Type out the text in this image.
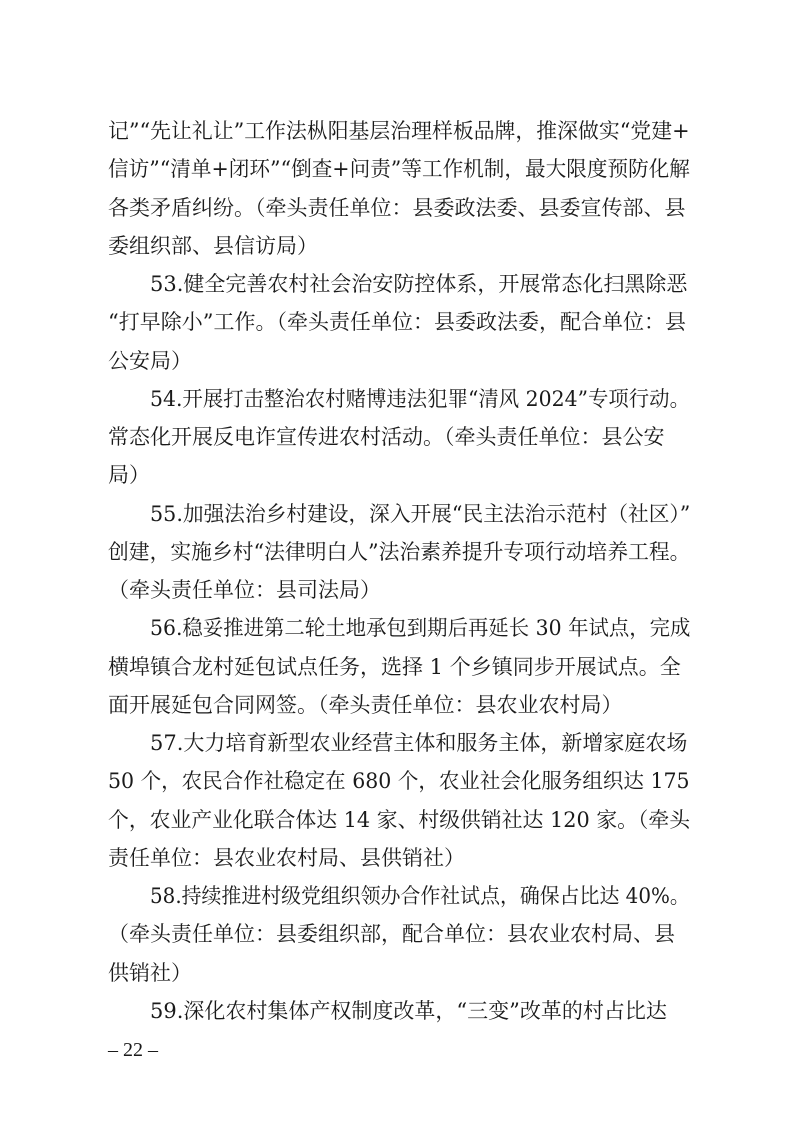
记”“先让礼让”工作法枞阳基层治理样板品牌，推深做实“党建+
信访”“清单+闭环”“倒查+问责”等工作机制，最大限度预防化解
各类矛盾纠纷。（牵头责任单位：县委政法委、县委宣传部、县
委组织部、县信访局）
53.健全完善农村社会治安防控体系，开展常态化扫黑除恶
“打早除小”工作。（牵头责任单位：县委政法委，配合单位：县
公安局）
54.开展打击整治农村赌博违法犯罪“清风 2024”专项行动。
常态化开展反电诈宣传进农村活动。（牵头责任单位：县公安
局）
55.加强法治乡村建设，深入开展“民主法治示范村（社区）”
创建，实施乡村“法律明白人”法治素养提升专项行动培养工程。
（牵头责任单位：县司法局）
56.稳妥推进第二轮土地承包到期后再延长 30 年试点，完成
横埠镇合龙村延包试点任务，选择 1 个乡镇同步开展试点。全
面开展延包合同网签。（牵头责任单位：县农业农村局）
57.大力培育新型农业经营主体和服务主体，新增家庭农场
50 个，农民合作社稳定在 680 个，农业社会化服务组织达 175
个，农业产业化联合体达 14 家、村级供销社达 120 家。（牵头
责任单位：县农业农村局、县供销社）
58.持续推进村级党组织领办合作社试点，确保占比达 40%。
（牵头责任单位：县委组织部，配合单位：县农业农村局、县
供销社）
59.深化农村集体产权制度改革，“三变”改革的村占比达
– 22 –
